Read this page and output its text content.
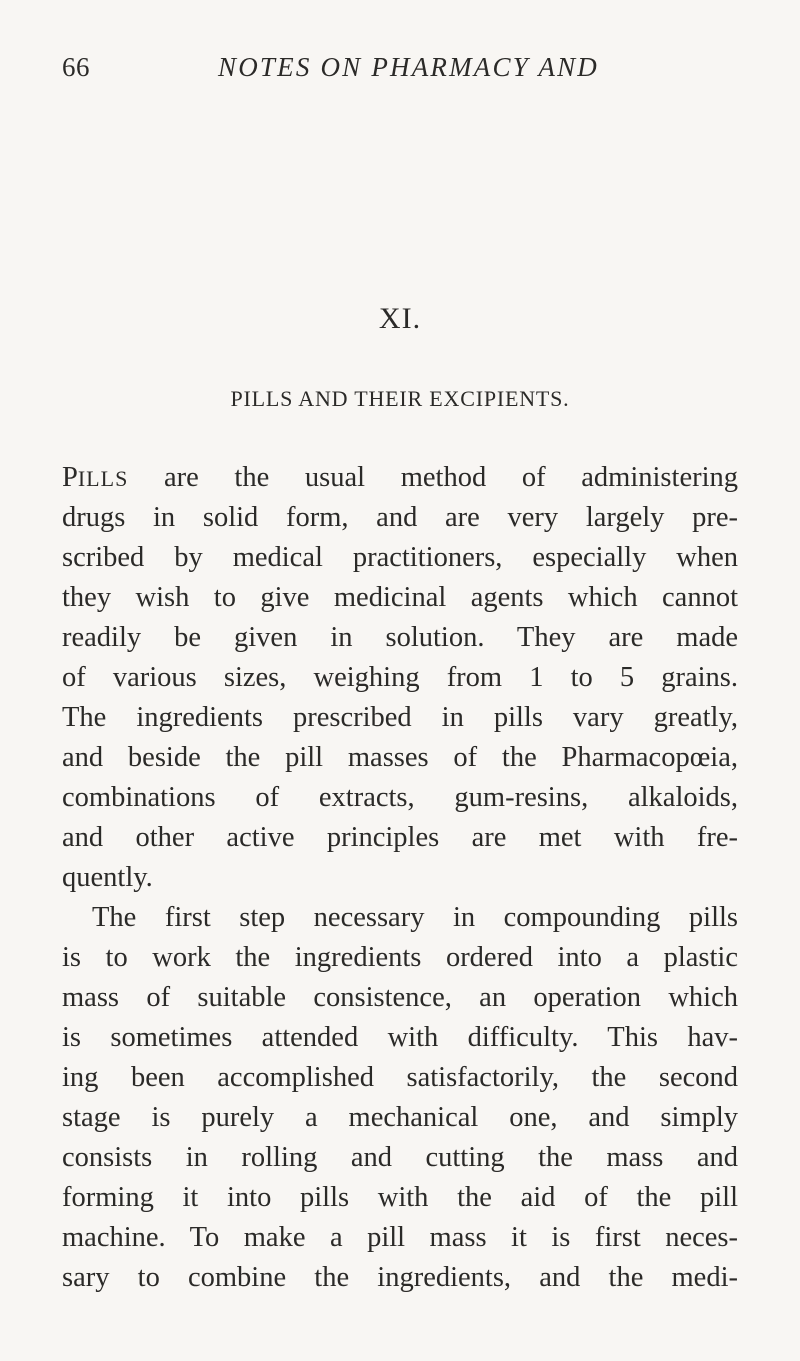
66	NOTES ON PHARMACY AND
XI.
PILLS AND THEIR EXCIPIENTS.
PILLS are the usual method of administering
drugs in solid form, and are very largely pre-
scribed by medical practitioners, especially when
they wish to give medicinal agents which cannot
readily be given in solution. They are made
of various sizes, weighing from 1 to 5 grains.
The ingredients prescribed in pills vary greatly,
and beside the pill masses of the Pharmacopœia,
combinations of extracts, gum-resins, alkaloids,
and other active principles are met with fre-
quently.
The first step necessary in compounding pills
is to work the ingredients ordered into a plastic
mass of suitable consistence, an operation which
is sometimes attended with difficulty. This hav-
ing been accomplished satisfactorily, the second
stage is purely a mechanical one, and simply
consists in rolling and cutting the mass and
forming it into pills with the aid of the pill
machine. To make a pill mass it is first neces-
sary to combine the ingredients, and the medi-
